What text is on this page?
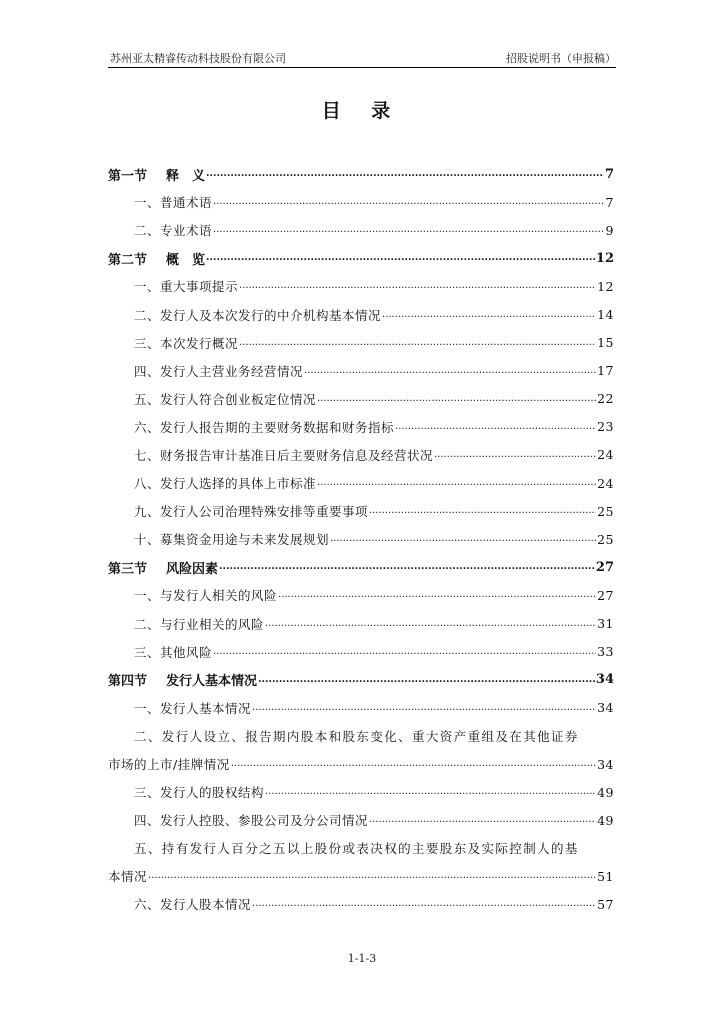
苏州亚太精睿传动科技股份有限公司	招股说明书（申报稿）
目 录
第一节	释　义 .....	7
一、普通术语 .....	7
二、专业术语 .....	9
第二节	概　览 .....	12
一、重大事项提示 .....	12
二、发行人及本次发行的中介机构基本情况 .....	14
三、本次发行概况 .....	15
四、发行人主营业务经营情况 .....	17
五、发行人符合创业板定位情况 .....	22
六、发行人报告期的主要财务数据和财务指标 .....	23
七、财务报告审计基准日后主要财务信息及经营状况 .....	24
八、发行人选择的具体上市标准 .....	24
九、发行人公司治理特殊安排等重要事项 .....	25
十、募集资金用途与未来发展规划 .....	25
第三节	风险因素 .....	27
一、与发行人相关的风险 .....	27
二、与行业相关的风险 .....	31
三、其他风险 .....	33
第四节	发行人基本情况 .....	34
一、发行人基本情况 .....	34
二、发行人设立、报告期内股本和股东变化、重大资产重组及在其他证券
市场的上市/挂牌情况 .....	34
三、发行人的股权结构 .....	49
四、发行人控股、参股公司及分公司情况 .....	49
五、持有发行人百分之五以上股份或表决权的主要股东及实际控制人的基
本情况 .....	51
六、发行人股本情况 .....	57
1-1-3
